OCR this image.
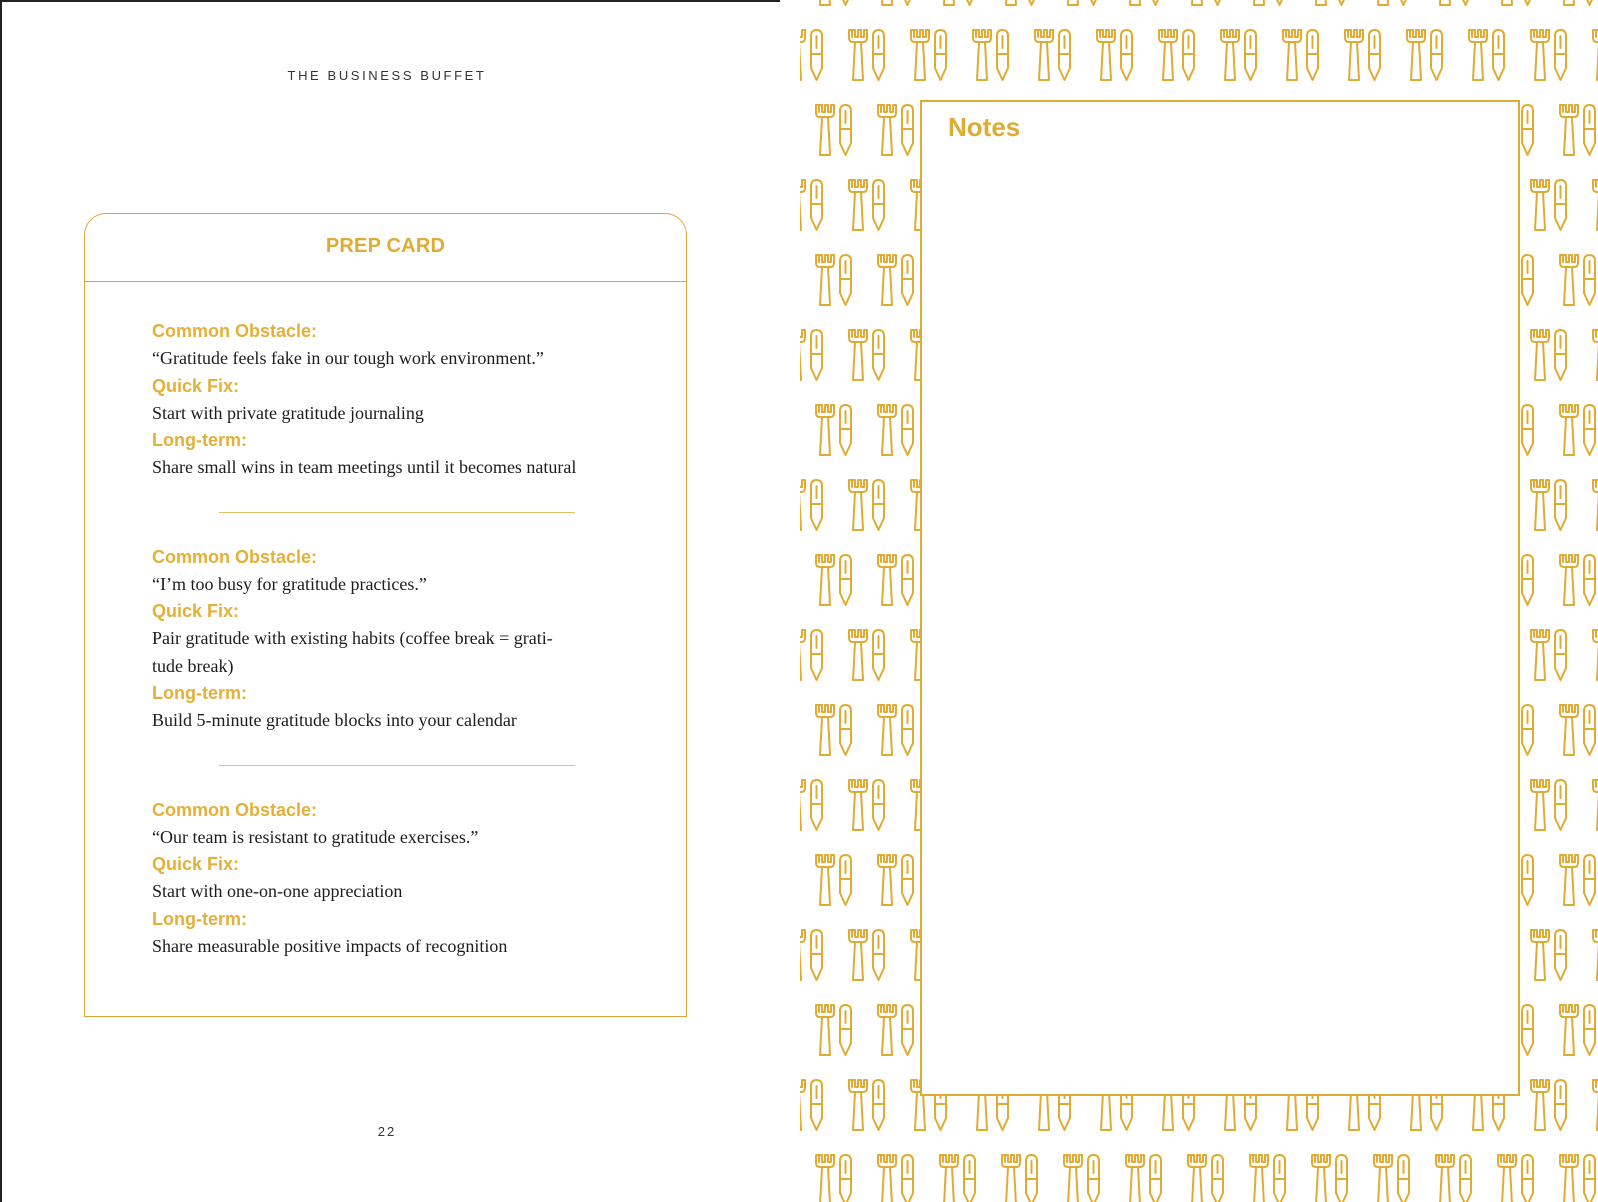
THE BUSINESS BUFFET
PREP CARD
Common Obstacle:
“Gratitude feels fake in our tough work environment.”
Quick Fix:
Start with private gratitude journaling
Long-term:
Share small wins in team meetings until it becomes natural
Common Obstacle:
“I’m too busy for gratitude practices.”
Quick Fix:
Pair gratitude with existing habits (coffee break = grati-
tude break)
Long-term:
Build 5-minute gratitude blocks into your calendar
Common Obstacle:
“Our team is resistant to gratitude exercises.”
Quick Fix:
Start with one-on-one appreciation
Long-term:
Share measurable positive impacts of recognition
22
Notes
